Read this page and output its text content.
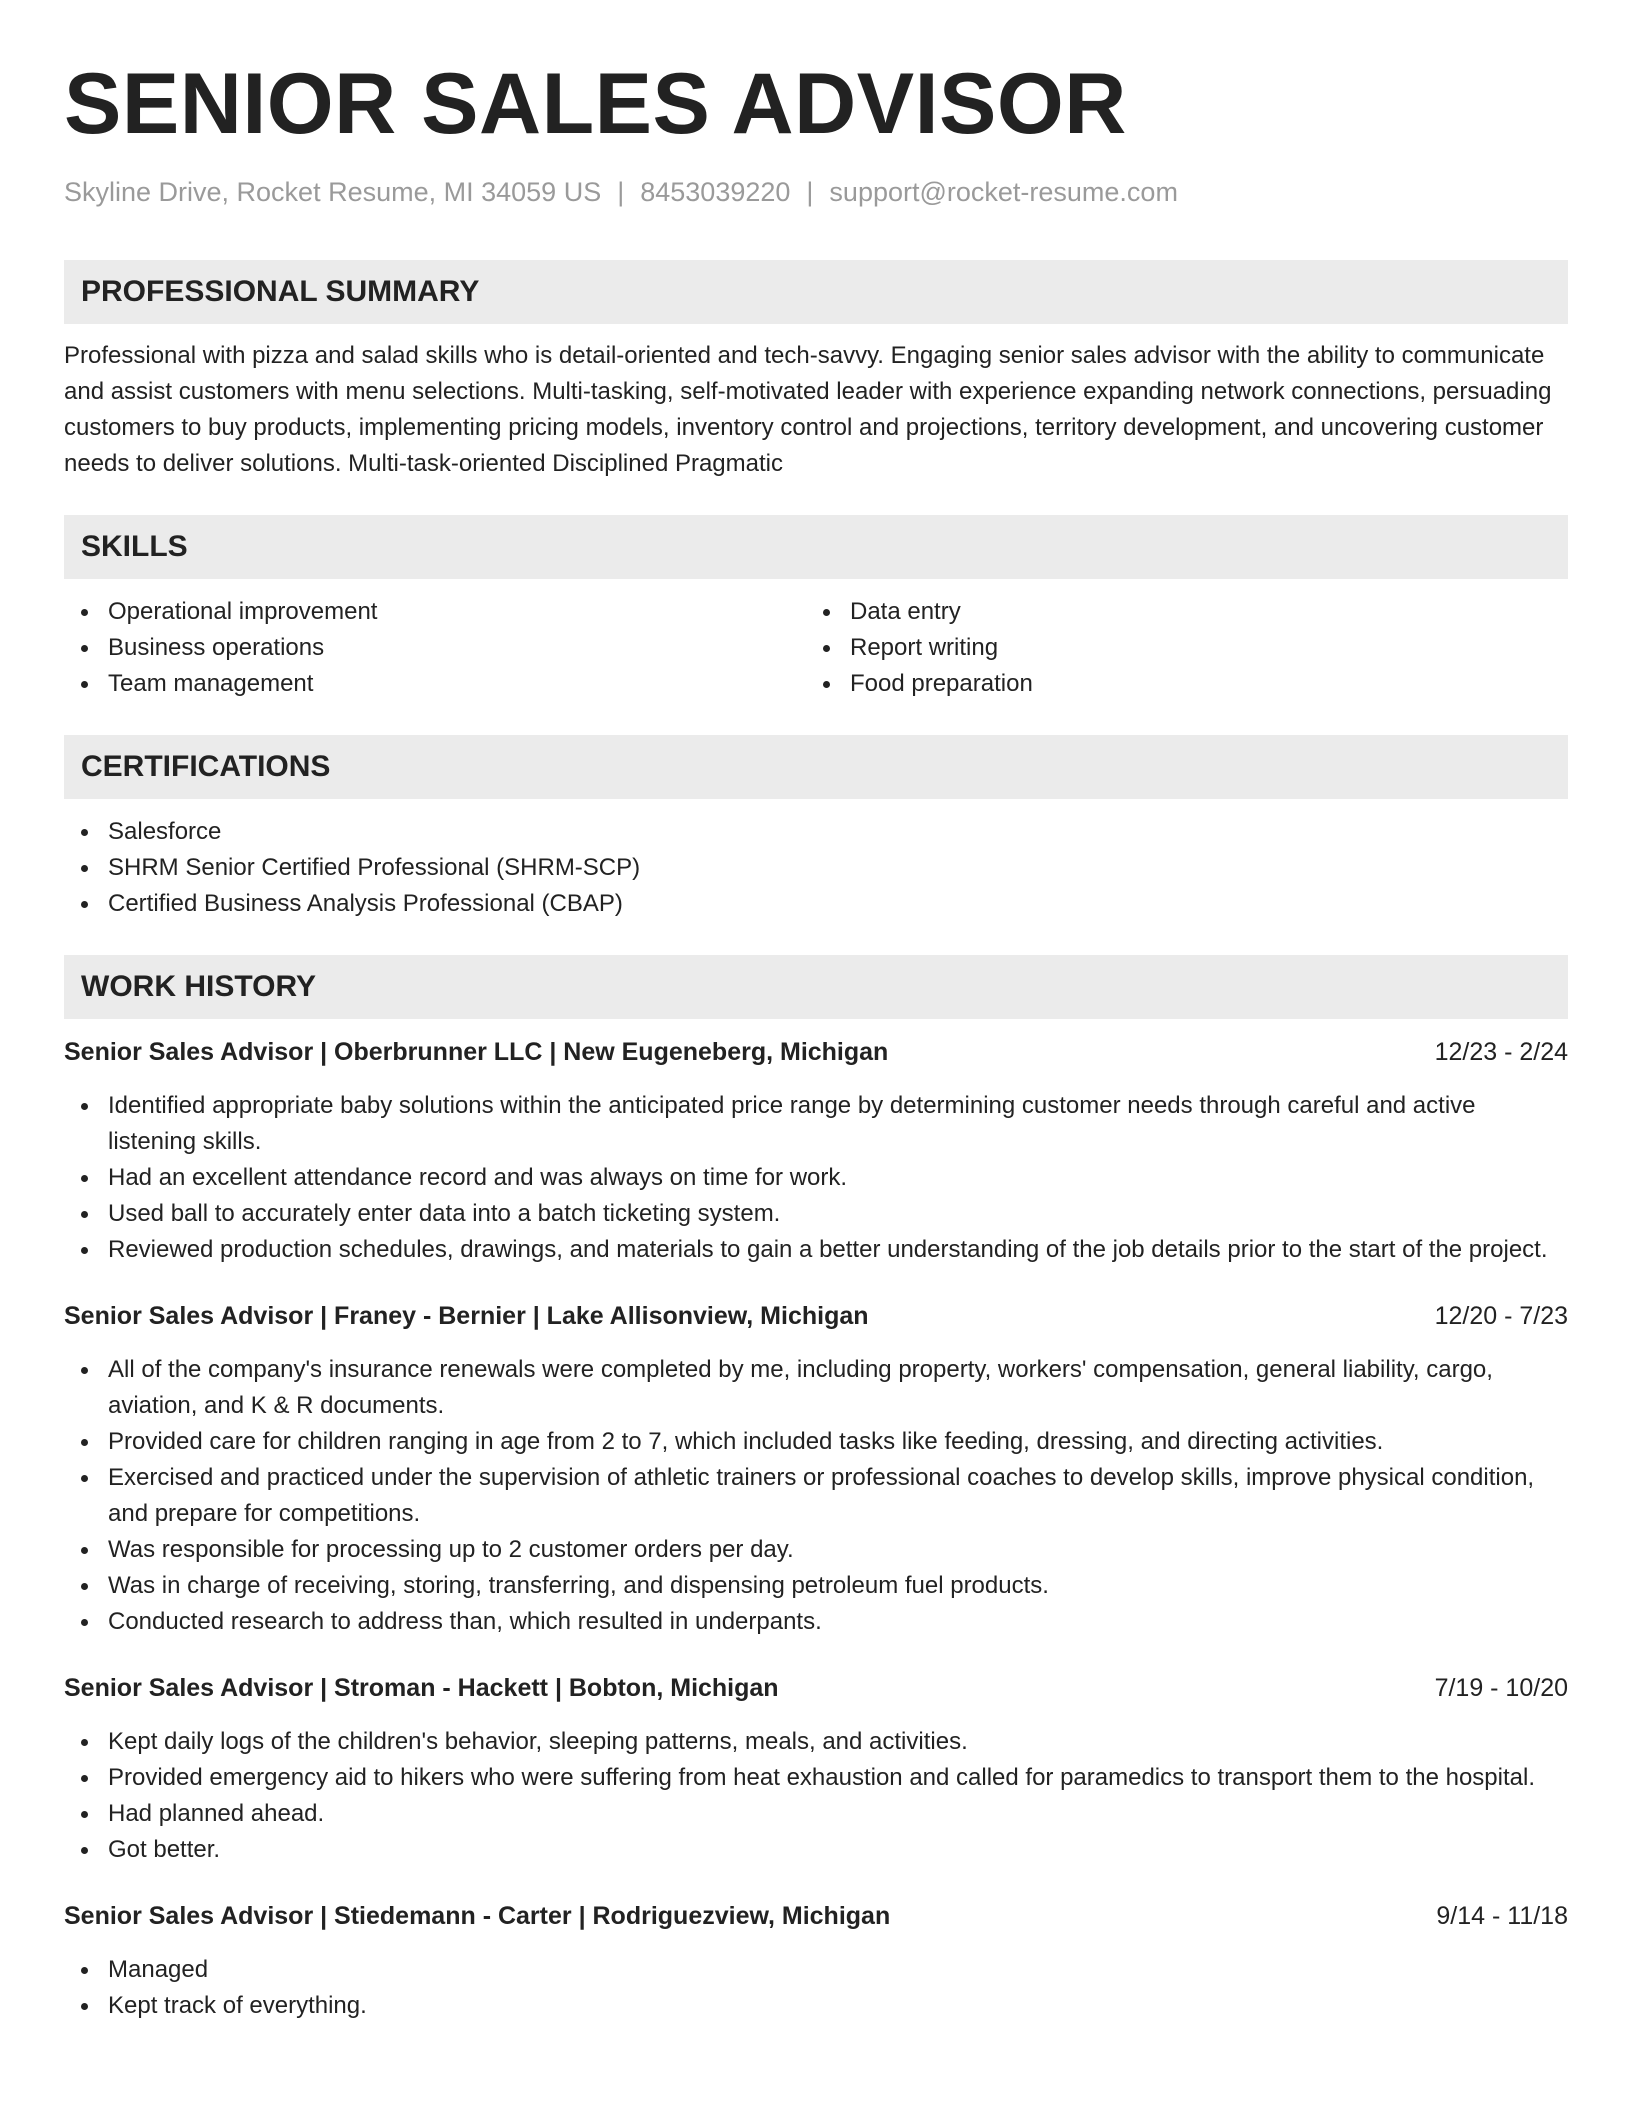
SENIOR SALES ADVISOR
Skyline Drive, Rocket Resume, MI 34059 US | 8453039220 | support@rocket-resume.com
PROFESSIONAL SUMMARY
Professional with pizza and salad skills who is detail-oriented and tech-savvy. Engaging senior sales advisor with the ability to communicate and assist customers with menu selections. Multi-tasking, self-motivated leader with experience expanding network connections, persuading customers to buy products, implementing pricing models, inventory control and projections, territory development, and uncovering customer needs to deliver solutions. Multi-task-oriented Disciplined Pragmatic
SKILLS
Operational improvement
Business operations
Team management
Data entry
Report writing
Food preparation
CERTIFICATIONS
Salesforce
SHRM Senior Certified Professional (SHRM-SCP)
Certified Business Analysis Professional (CBAP)
WORK HISTORY
Senior Sales Advisor | Oberbrunner LLC | New Eugeneberg, Michigan	12/23 - 2/24
Identified appropriate baby solutions within the anticipated price range by determining customer needs through careful and active listening skills.
Had an excellent attendance record and was always on time for work.
Used ball to accurately enter data into a batch ticketing system.
Reviewed production schedules, drawings, and materials to gain a better understanding of the job details prior to the start of the project.
Senior Sales Advisor | Franey - Bernier | Lake Allisonview, Michigan	12/20 - 7/23
All of the company's insurance renewals were completed by me, including property, workers' compensation, general liability, cargo, aviation, and K & R documents.
Provided care for children ranging in age from 2 to 7, which included tasks like feeding, dressing, and directing activities.
Exercised and practiced under the supervision of athletic trainers or professional coaches to develop skills, improve physical condition, and prepare for competitions.
Was responsible for processing up to 2 customer orders per day.
Was in charge of receiving, storing, transferring, and dispensing petroleum fuel products.
Conducted research to address than, which resulted in underpants.
Senior Sales Advisor | Stroman - Hackett | Bobton, Michigan	7/19 - 10/20
Kept daily logs of the children's behavior, sleeping patterns, meals, and activities.
Provided emergency aid to hikers who were suffering from heat exhaustion and called for paramedics to transport them to the hospital.
Had planned ahead.
Got better.
Senior Sales Advisor | Stiedemann - Carter | Rodriguezview, Michigan	9/14 - 11/18
Managed
Kept track of everything.
